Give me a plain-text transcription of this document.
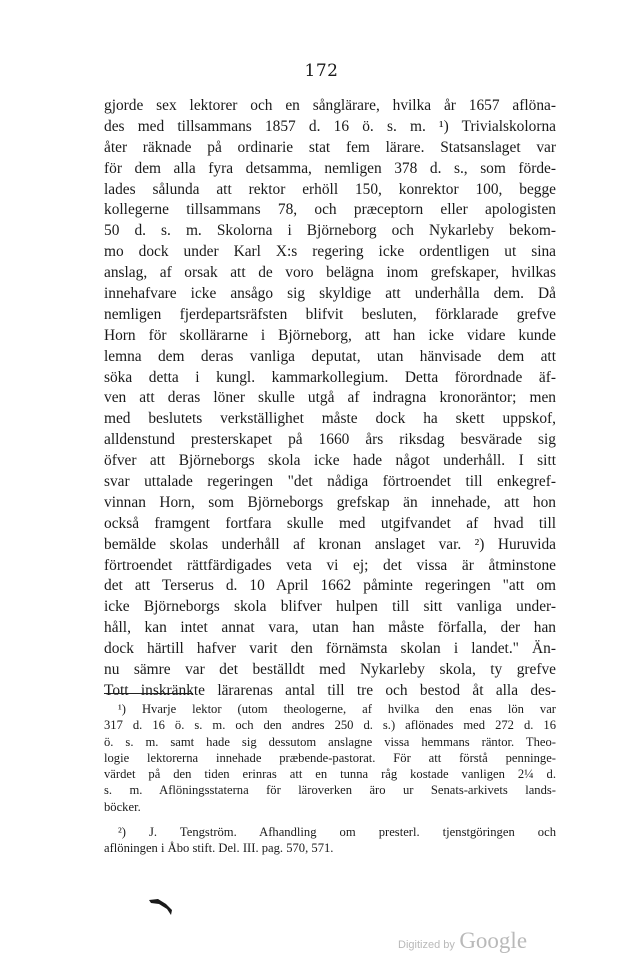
172
gjorde sex lektorer och en sånglärare, hvilka år 1657 aflöna-
des med tillsammans 1857 d. 16 ö. s. m. ¹) Trivialskolorna
åter räknade på ordinarie stat fem lärare. Statsanslaget var
för dem alla fyra detsamma, nemligen 378 d. s., som förde-
lades sålunda att rektor erhöll 150, konrektor 100, begge
kollegerne tillsammans 78, och præceptorn eller apologisten
50 d. s. m. Skolorna i Björneborg och Nykarleby bekom-
mo dock under Karl X:s regering icke ordentligen ut sina
anslag, af orsak att de voro belägna inom grefskaper, hvilkas
innehafvare icke ansågo sig skyldige att underhålla dem. Då
nemligen fjerdepartsräfsten blifvit besluten, förklarade grefve
Horn för skollärarne i Björneborg, att han icke vidare kunde
lemna dem deras vanliga deputat, utan hänvisade dem att
söka detta i kungl. kammarkollegium. Detta förordnade äf-
ven att deras löner skulle utgå af indragna kronoräntor; men
med beslutets verkställighet måste dock ha skett uppskof,
alldenstund presterskapet på 1660 års riksdag besvärade sig
öfver att Björneborgs skola icke hade något underhåll. I sitt
svar uttalade regeringen "det nådiga förtroendet till enkegref-
vinnan Horn, som Björneborgs grefskap än innehade, att hon
också framgent fortfara skulle med utgifvandet af hvad till
bemälde skolas underhåll af kronan anslaget var. ²) Huruvida
förtroendet rättfärdigades veta vi ej; det vissa är åtminstone
det att Terserus d. 10 April 1662 påminte regeringen "att om
icke Björneborgs skola blifver hulpen till sitt vanliga under-
håll, kan intet annat vara, utan han måste förfalla, der han
dock härtill hafver varit den förnämsta skolan i landet." Än-
nu sämre var det beställdt med Nykarleby skola, ty grefve
Tott inskränkte lärarenas antal till tre och bestod åt alla des-
¹) Hvarje lektor (utom theologerne, af hvilka den enas lön var
317 d. 16 ö. s. m. och den andres 250 d. s.) aflönades med 272 d. 16
ö. s. m. samt hade sig dessutom anslagne vissa hemmans räntor. Theo-
logie lektorerna innehade præbende-pastorat. För att förstå penninge-
värdet på den tiden erinras att en tunna råg kostade vanligen 2¼ d.
s. m. Aflöningsstaterna för läroverken äro ur Senats-arkivets lands-
böcker.
²) J. Tengström. Afhandling om presterl. tjenstgöringen och
aflöningen i Åbo stift. Del. III. pag. 570, 571.
Digitized by Google
